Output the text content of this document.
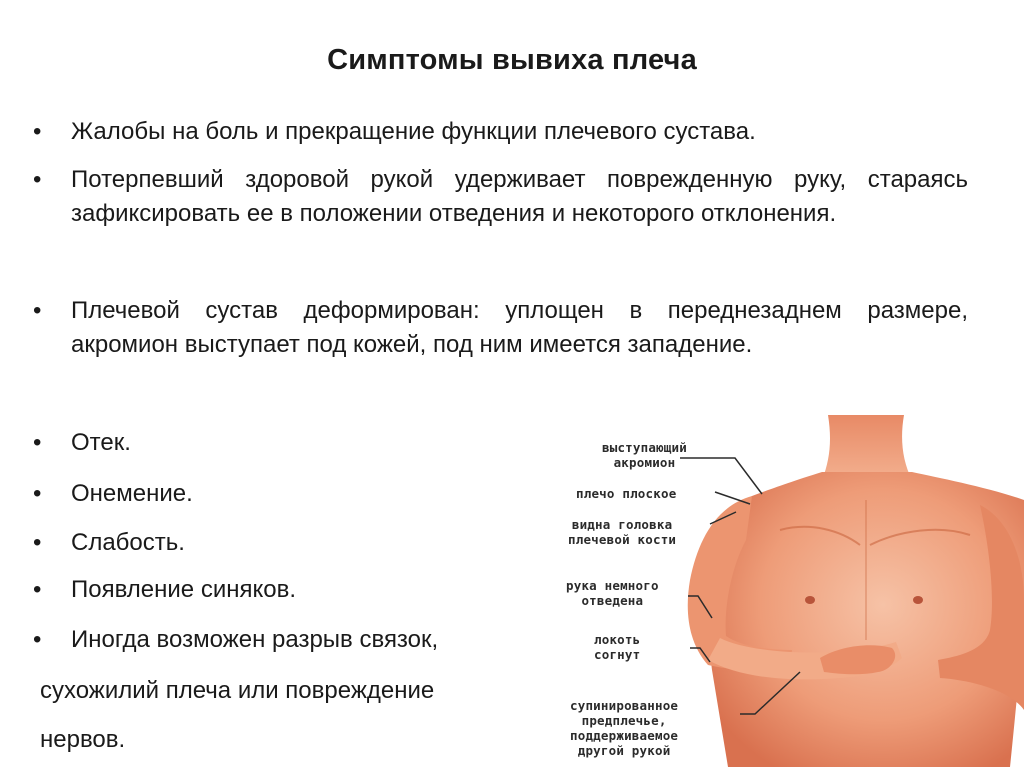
Симптомы вывиха плеча
• Жалобы на боль и прекращение функции плечевого сустава.
• Потерпевший здоровой рукой удерживает поврежденную руку, стараясь зафиксировать ее в положении отведения и некоторого отклонения.
• Плечевой сустав деформирован: уплощен в переднезаднем размере, акромион выступает под кожей, под ним имеется западение.
• Отек.
• Онемение.
• Слабость.
• Появление синяков.
• Иногда возможен разрыв связок,
сухожилий плеча или повреждение
нервов.
выступающий
акромион
плечо плоское
видна головка
плечевой кости
рука немного
отведена
локоть
согнут
супинированное
предплечье,
поддерживаемое
другой рукой
